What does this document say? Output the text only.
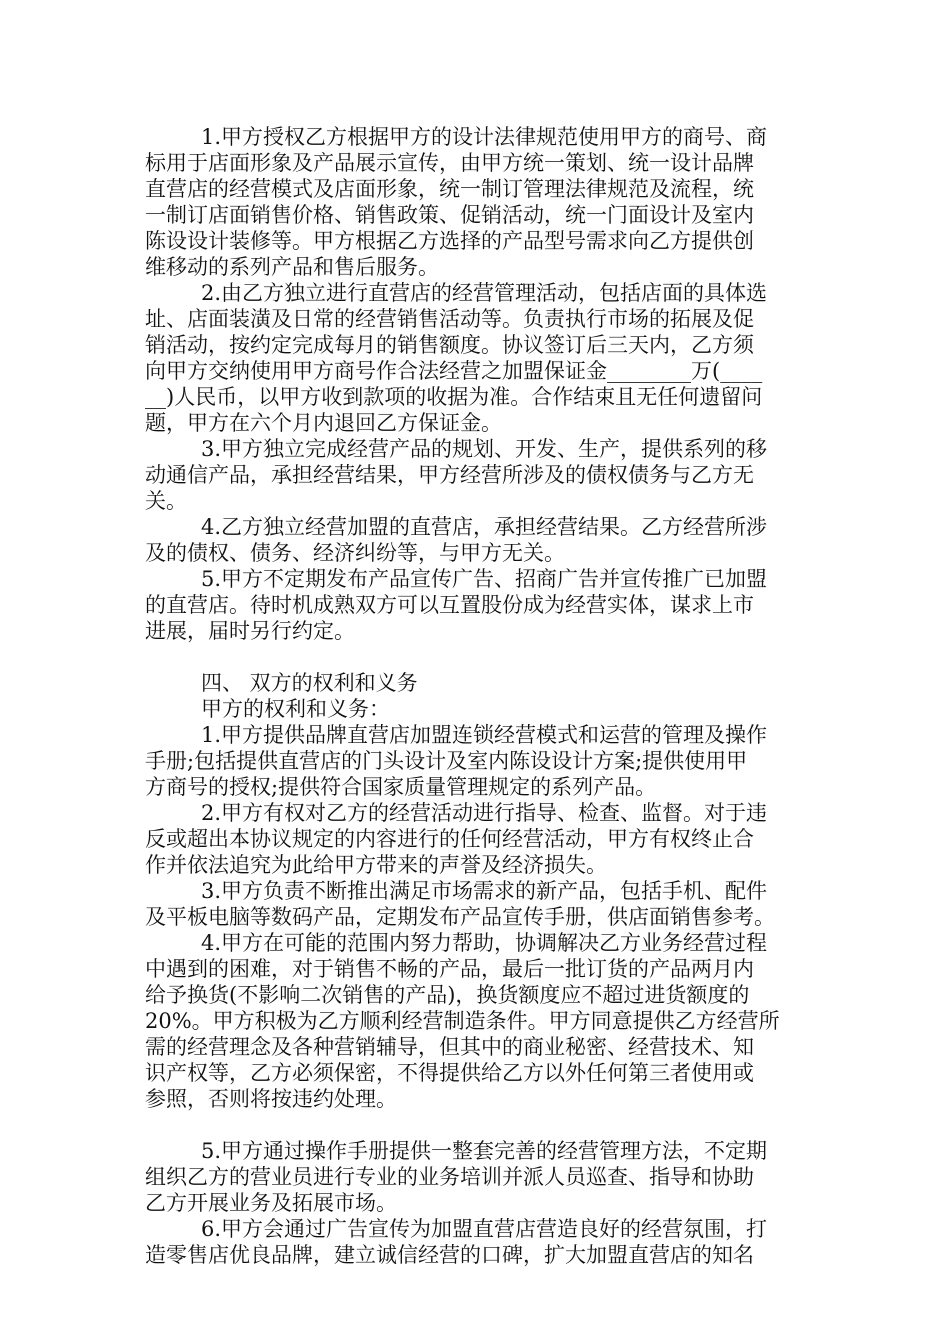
1.甲方授权乙方根据甲方的设计法律规范使用甲方的商号、商
标用于店面形象及产品展示宣传，由甲方统一策划、统一设计品牌
直营店的经营模式及店面形象，统一制订管理法律规范及流程，统
一制订店面销售价格、销售政策、促销活动，统一门面设计及室内
陈设设计装修等。甲方根据乙方选择的产品型号需求向乙方提供创
维移动的系列产品和售后服务。
2.由乙方独立进行直营店的经营管理活动，包括店面的具体选
址、店面装潢及日常的经营销售活动等。负责执行市场的拓展及促
销活动，按约定完成每月的销售额度。协议签订后三天内，乙方须
向甲方交纳使用甲方商号作合法经营之加盟保证金________万(____
__)人民币，以甲方收到款项的收据为准。合作结束且无任何遗留问
题，甲方在六个月内退回乙方保证金。
3.甲方独立完成经营产品的规划、开发、生产，提供系列的移
动通信产品，承担经营结果，甲方经营所涉及的债权债务与乙方无
关。
4.乙方独立经营加盟的直营店，承担经营结果。乙方经营所涉
及的债权、债务、经济纠纷等，与甲方无关。
5.甲方不定期发布产品宣传广告、招商广告并宣传推广已加盟
的直营店。待时机成熟双方可以互置股份成为经营实体，谋求上市
进展，届时另行约定。
四、 双方的权利和义务
甲方的权利和义务：
1.甲方提供品牌直营店加盟连锁经营模式和运营的管理及操作
手册;包括提供直营店的门头设计及室内陈设设计方案;提供使用甲
方商号的授权;提供符合国家质量管理规定的系列产品。
2.甲方有权对乙方的经营活动进行指导、检查、监督。对于违
反或超出本协议规定的内容进行的任何经营活动，甲方有权终止合
作并依法追究为此给甲方带来的声誉及经济损失。
3.甲方负责不断推出满足市场需求的新产品，包括手机、配件
及平板电脑等数码产品，定期发布产品宣传手册，供店面销售参考。
4.甲方在可能的范围内努力帮助，协调解决乙方业务经营过程
中遇到的困难，对于销售不畅的产品，最后一批订货的产品两月内
给予换货(不影响二次销售的产品)，换货额度应不超过进货额度的
20%。甲方积极为乙方顺利经营制造条件。甲方同意提供乙方经营所
需的经营理念及各种营销辅导，但其中的商业秘密、经营技术、知
识产权等，乙方必须保密，不得提供给乙方以外任何第三者使用或
参照，否则将按违约处理。
5.甲方通过操作手册提供一整套完善的经营管理方法，不定期
组织乙方的营业员进行专业的业务培训并派人员巡查、指导和协助
乙方开展业务及拓展市场。
6.甲方会通过广告宣传为加盟直营店营造良好的经营氛围，打
造零售店优良品牌，建立诚信经营的口碑，扩大加盟直营店的知名
